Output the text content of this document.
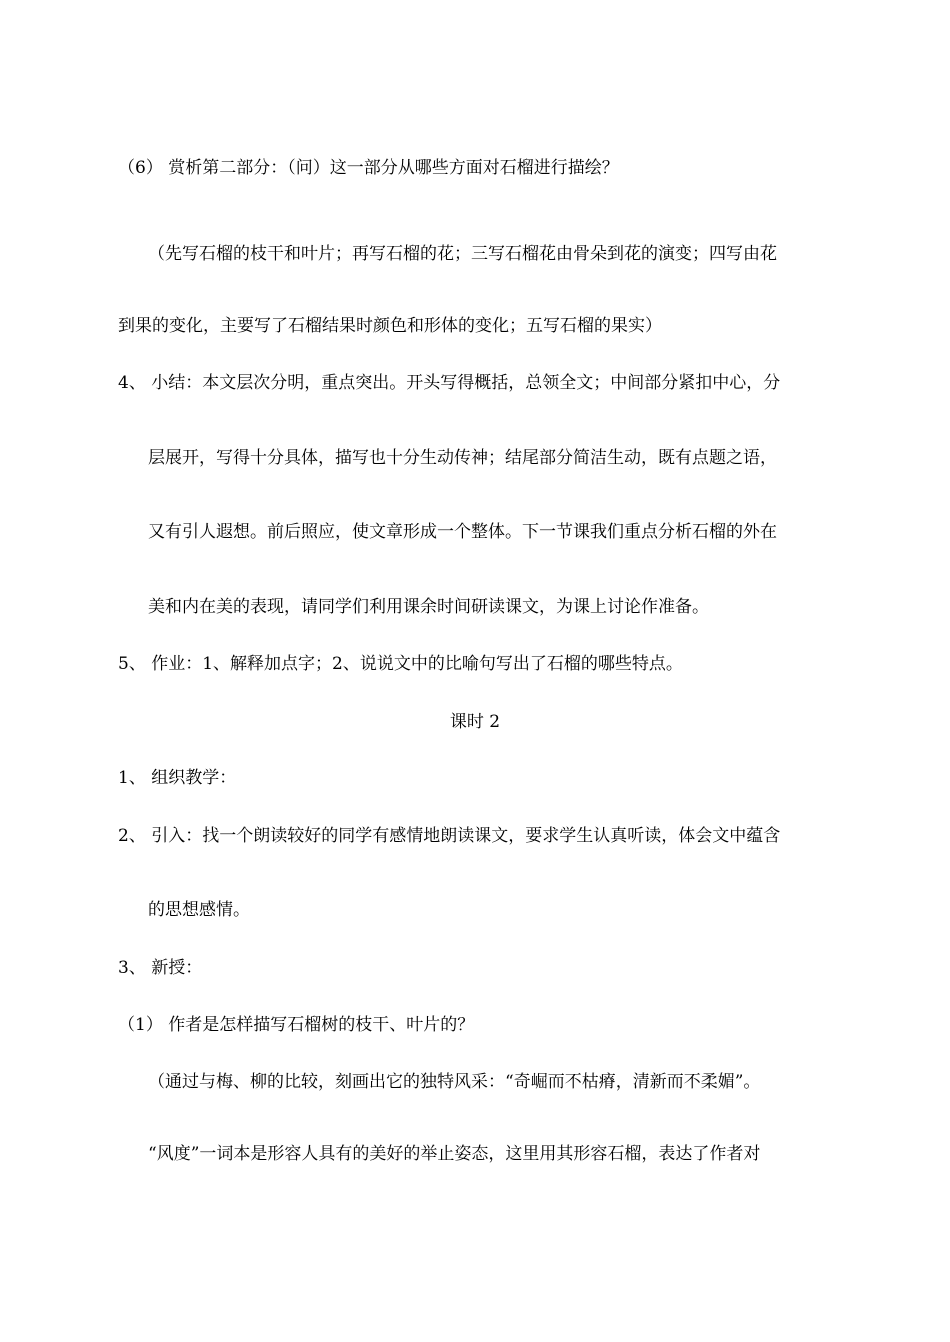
（6） 赏析第二部分：（问）这一部分从哪些方面对石榴进行描绘？
（先写石榴的枝干和叶片；再写石榴的花；三写石榴花由骨朵到花的演变；四写由花
到果的变化，主要写了石榴结果时颜色和形体的变化；五写石榴的果实）
4、 小结：本文层次分明，重点突出。开头写得概括，总领全文；中间部分紧扣中心，分
层展开，写得十分具体，描写也十分生动传神；结尾部分简洁生动，既有点题之语，
又有引人遐想。前后照应，使文章形成一个整体。下一节课我们重点分析石榴的外在
美和内在美的表现，请同学们利用课余时间研读课文，为课上讨论作准备。
5、 作业：1、解释加点字；2、说说文中的比喻句写出了石榴的哪些特点。
课时 2
1、 组织教学：
2、 引入：找一个朗读较好的同学有感情地朗读课文，要求学生认真听读，体会文中蕴含
的思想感情。
3、 新授：
（1） 作者是怎样描写石榴树的枝干、叶片的？
（通过与梅、柳的比较，刻画出它的独特风采：“奇崛而不枯瘠，清新而不柔媚”。
“风度”一词本是形容人具有的美好的举止姿态，这里用其形容石榴，表达了作者对
